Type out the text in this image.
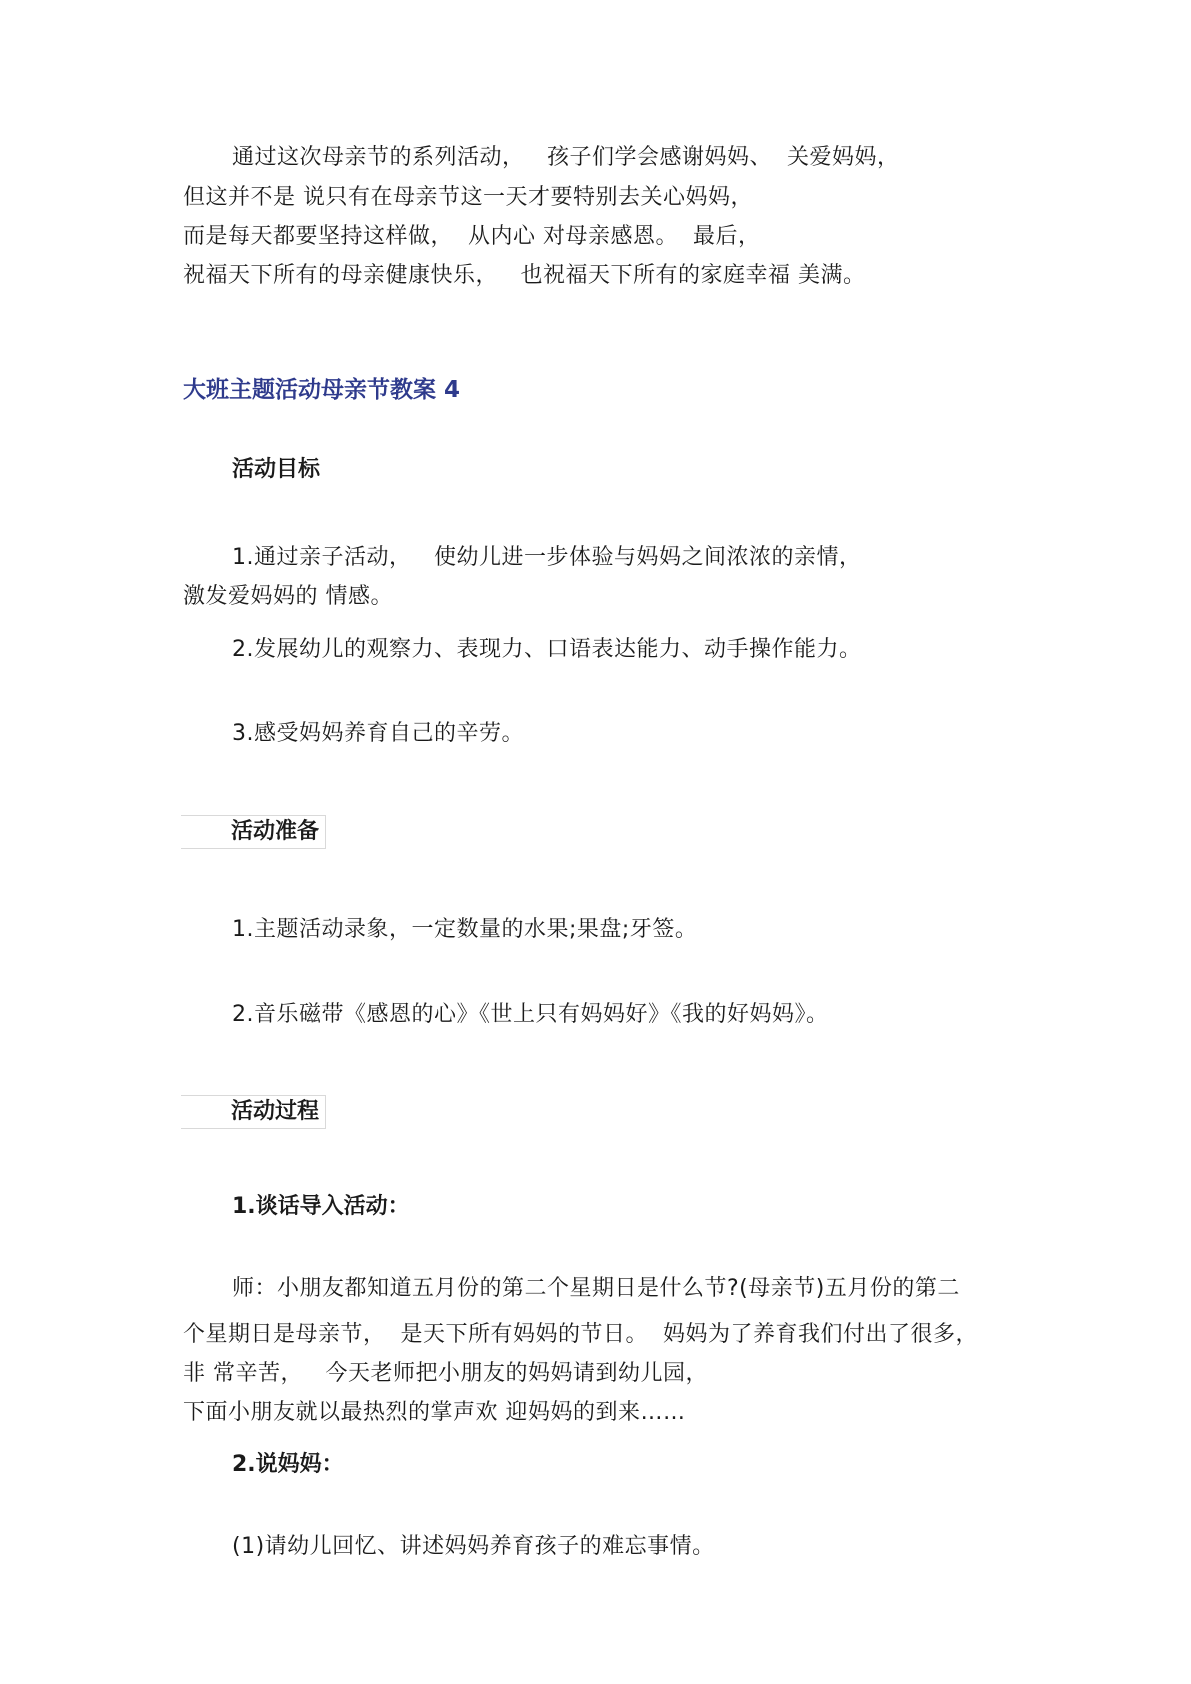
通过这次母亲节的系列活动，   孩子们学会感谢妈妈、  关爱妈妈，
但这并不是 说只有在母亲节这一天才要特别去关心妈妈，
而是每天都要坚持这样做，  从内心 对母亲感恩。  最后，
祝福天下所有的母亲健康快乐，   也祝福天下所有的家庭幸福 美满。
大班主题活动母亲节教案 4
活动目标
1.通过亲子活动，   使幼儿进一步体验与妈妈之间浓浓的亲情，
激发爱妈妈的 情感。
2.发展幼儿的观察力、表现力、口语表达能力、动手操作能力。
3.感受妈妈养育自己的辛劳。
活动准备
1.主题活动录象，一定数量的水果;果盘;牙签。
2.音乐磁带《感恩的心》《世上只有妈妈好》《我的好妈妈》。
活动过程
1.谈话导入活动：
师：小朋友都知道五月份的第二个星期日是什么节?(母亲节)五月份的第二
个星期日是母亲节，  是天下所有妈妈的节日。  妈妈为了养育我们付出了很多，
非 常辛苦，   今天老师把小朋友的妈妈请到幼儿园，
下面小朋友就以最热烈的掌声欢 迎妈妈的到来……
2.说妈妈：
(1)请幼儿回忆、讲述妈妈养育孩子的难忘事情。
